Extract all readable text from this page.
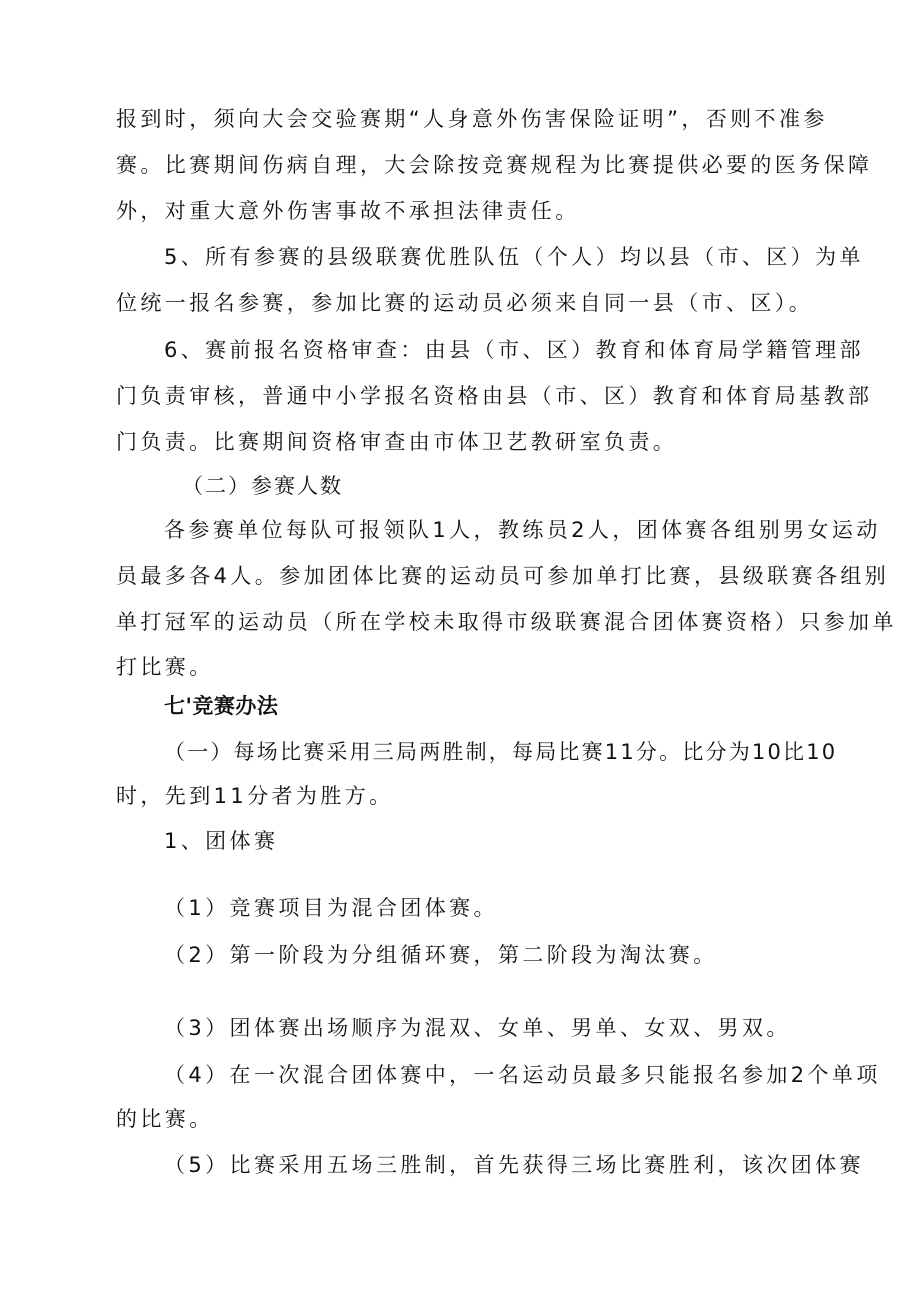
报到时，须向大会交验赛期“人身意外伤害保险证明”，否则不准参
赛。比赛期间伤病自理，大会除按竞赛规程为比赛提供必要的医务保障
外，对重大意外伤害事故不承担法律责任。
5、所有参赛的县级联赛优胜队伍（个人）均以县（市、区）为单
位统一报名参赛，参加比赛的运动员必须来自同一县（市、区）。
6、赛前报名资格审查：由县（市、区）教育和体育局学籍管理部
门负责审核，普通中小学报名资格由县（市、区）教育和体育局基教部
门负责。比赛期间资格审查由市体卫艺教研室负责。
（二）参赛人数
各参赛单位每队可报领队1人，教练员2人，团体赛各组别男女运动
员最多各4人。参加团体比赛的运动员可参加单打比赛，县级联赛各组别
单打冠军的运动员（所在学校未取得市级联赛混合团体赛资格）只参加单
打比赛。
七'竞赛办法
（一）每场比赛采用三局两胜制，每局比赛11分。比分为10比10
时，先到11分者为胜方。
1、团体赛
（1）竞赛项目为混合团体赛。
（2）第一阶段为分组循环赛，第二阶段为淘汰赛。
（3）团体赛出场顺序为混双、女单、男单、女双、男双。
（4）在一次混合团体赛中，一名运动员最多只能报名参加2个单项
的比赛。
（5）比赛采用五场三胜制，首先获得三场比赛胜利，该次团体赛
